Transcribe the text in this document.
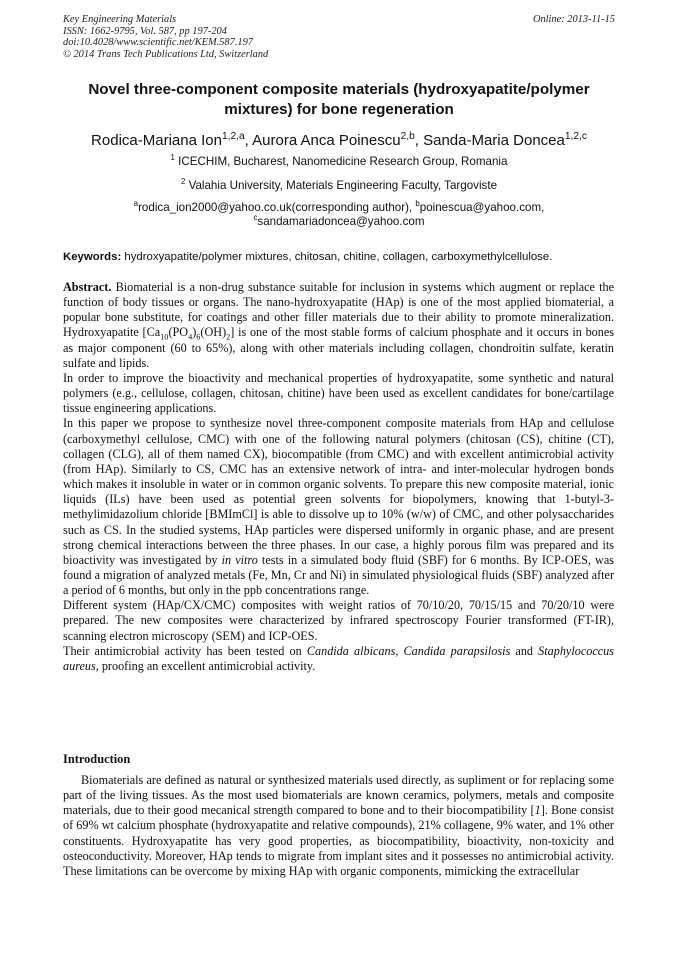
Key Engineering Materials
ISSN: 1662-9795, Vol. 587, pp 197-204
doi:10.4028/www.scientific.net/KEM.587.197
© 2014 Trans Tech Publications Ltd, Switzerland
Online: 2013-11-15
Novel three-component composite materials (hydroxyapatite/polymer
mixtures) for bone regeneration
Rodica-Mariana Ion$^{1,2,a}$, Aurora Anca Poinescu$^{2,b}$, Sanda-Maria Doncea$^{1,2,c}$
$^1$ ICECHIM, Bucharest, Nanomedicine Research Group, Romania
$^2$ Valahia University, Materials Engineering Faculty, Targoviste
$^a$rodica_ion2000@yahoo.co.uk(corresponding author), $^b$poinescua@yahoo.com,
$^c$sandamariadoncea@yahoo.com
Keywords: hydroxyapatite/polymer mixtures, chitosan, chitine, collagen, carboxymethylcellulose.

Abstract. Biomaterial is a non-drug substance suitable for inclusion in systems which augment or replace the function of body tissues or organs. The nano-hydroxyapatite (HAp) is one of the most applied biomaterial, a popular bone substitute, for coatings and other filler materials due to their ability to promote mineralization. Hydroxyapatite $[Ca_{10}(PO_4)_6(OH)_2]$ is one of the most stable forms of calcium phosphate and it occurs in bones as major component (60 to 65%), along with other materials including collagen, chondroitin sulfate, keratin sulfate and lipids.

In order to improve the bioactivity and mechanical properties of hydroxyapatite, some synthetic and natural polymers (e.g., cellulose, collagen, chitosan, chitine) have been used as excellent candidates for bone/cartilage tissue engineering applications.

In this paper we propose to synthesize novel three-component composite materials from HAp and cellulose (carboxymethyl cellulose, CMC) with one of the following natural polymers (chitosan (CS), chitine (CT), collagen (CLG), all of them named CX), biocompatible (from CMC) and with excellent antimicrobial activity (from HAp). Similarly to CS, CMC has an extensive network of intra- and inter-molecular hydrogen bonds which makes it insoluble in water or in common organic solvents. To prepare this new composite material, ionic liquids (ILs) have been used as potential green solvents for biopolymers, knowing that 1-butyl-3-methylimidazolium chloride [BMImCl] is able to dissolve up to 10% (w/w) of CMC, and other polysaccharides such as CS. In the studied systems, HAp particles were dispersed uniformly in organic phase, and are present strong chemical interactions between the three phases. In our case, a highly porous film was prepared and its bioactivity was investigated by in vitro tests in a simulated body fluid (SBF) for 6 months. By ICP-OES, was found a migration of analyzed metals (Fe, Mn, Cr and Ni) in simulated physiological fluids (SBF) analyzed after a period of 6 months, but only in the ppb concentrations range.

Different system (HAp/CX/CMC) composites with weight ratios of 70/10/20, 70/15/15 and 70/20/10 were prepared. The new composites were characterized by infrared spectroscopy Fourier transformed (FT-IR), scanning electron microscopy (SEM) and ICP-OES.

Their antimicrobial activity has been tested on Candida albicans, Candida parapsilosis and Staphylococcus aureus, proofing an excellent antimicrobial activity.

Introduction

Biomaterials are defined as natural or synthesized materials used directly, as supliment or for replacing some part of the living tissues. As the most used biomaterials are known ceramics, polymers, metals and composite materials, due to their good mecanical strength compared to bone and to their biocompatibility [1]. Bone consist of 69% wt calcium phosphate (hydroxyapatite and relative compounds), 21% collagene, 9% water, and 1% other constituents. Hydroxyapatite has very good properties, as biocompatibility, bioactivity, non-toxicity and osteoconductivity. Moreover, HAp tends to migrate from implant sites and it possesses no antimicrobial activity. These limitations can be overcome by mixing HAp with organic components, mimicking the extracellular
